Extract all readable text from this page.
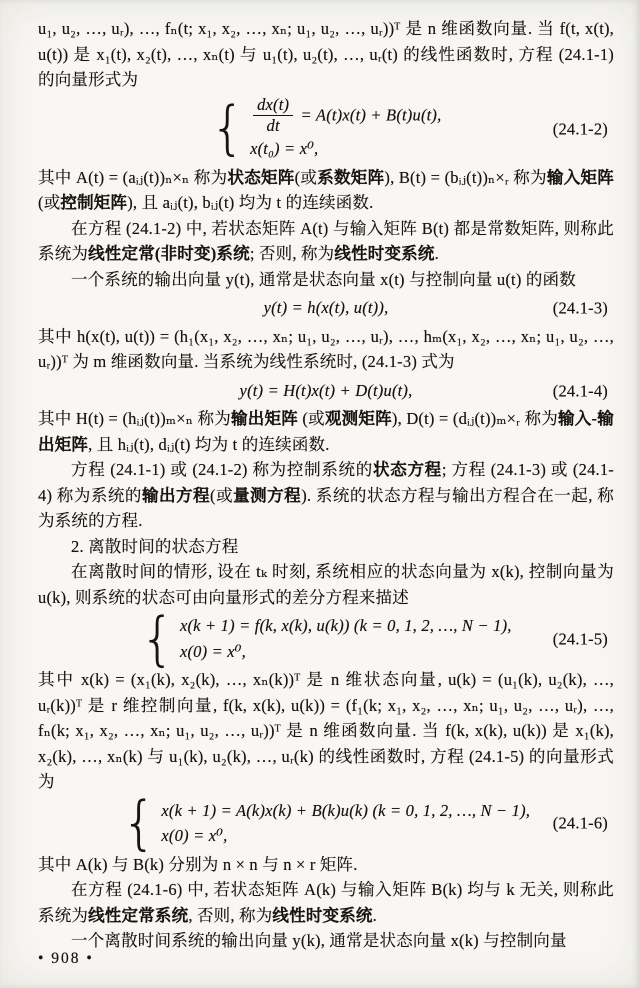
u₁, u₂, …, uᵣ), …, fₙ(t; x₁, x₂, …, xₙ; u₁, u₂, …, uᵣ))ᵀ 是 n 维函数向量. 当 f(t, x(t), u(t)) 是 x₁(t), x₂(t), …, xₙ(t) 与 u₁(t), u₂(t), …, uᵣ(t) 的线性函数时, 方程 (24.1-1) 的向量形式为

{ $\frac{dx(t)}{dt} = A(t)x(t) + B(t)u(t)$,
x(t₀) = x⁰,
(24.1-2)

其中 A(t) = (aᵢⱼ(t))ₙ×ₙ 称为状态矩阵(或系数矩阵), B(t) = (bᵢⱼ(t))ₙ×ᵣ 称为输入矩阵(或控制矩阵), 且 aᵢⱼ(t), bᵢⱼ(t) 均为 t 的连续函数.

在方程 (24.1-2) 中, 若状态矩阵 A(t) 与输入矩阵 B(t) 都是常数矩阵, 则称此系统为线性定常(非时变)系统; 否则, 称为线性时变系统.

一个系统的输出向量 y(t), 通常是状态向量 x(t) 与控制向量 u(t) 的函数

y(t) = h(x(t), u(t)),	(24.1-3)

其中 h(x(t), u(t)) = (h₁(x₁, x₂, …, xₙ; u₁, u₂, …, uᵣ), …, hₘ(x₁, x₂, …, xₙ; u₁, u₂, …, uᵣ))ᵀ 为 m 维函数向量. 当系统为线性系统时, (24.1-3) 式为

y(t) = H(t)x(t) + D(t)u(t),	(24.1-4)

其中 H(t) = (hᵢⱼ(t))ₘ×ₙ 称为输出矩阵 (或观测矩阵), D(t) = (dᵢⱼ(t))ₘ×ᵣ 称为输入-输出矩阵, 且 hᵢⱼ(t), dᵢⱼ(t) 均为 t 的连续函数.

方程 (24.1-1) 或 (24.1-2) 称为控制系统的状态方程; 方程 (24.1-3) 或 (24.1-4) 称为系统的输出方程(或量测方程). 系统的状态方程与输出方程合在一起, 称为系统的方程.

2. 离散时间的状态方程

在离散时间的情形, 设在 tₖ 时刻, 系统相应的状态向量为 x(k), 控制向量为 u(k), 则系统的状态可由向量形式的差分方程来描述

{ x(k + 1) = f(k, x(k), u(k)) (k = 0, 1, 2, …, N − 1),
x(0) = x⁰,
(24.1-5)

其中 x(k) = (x₁(k), x₂(k), …, xₙ(k))ᵀ 是 n 维状态向量, u(k) = (u₁(k), u₂(k), …, uᵣ(k))ᵀ 是 r 维控制向量, f(k, x(k), u(k)) = (f₁(k; x₁, x₂, …, xₙ; u₁, u₂, …, uᵣ), …, fₙ(k; x₁, x₂, …, xₙ; u₁, u₂, …, uᵣ))ᵀ 是 n 维函数向量. 当 f(k, x(k), u(k)) 是 x₁(k), x₂(k), …, xₙ(k) 与 u₁(k), u₂(k), …, uᵣ(k) 的线性函数时, 方程 (24.1-5) 的向量形式为

{ x(k + 1) = A(k)x(k) + B(k)u(k) (k = 0, 1, 2, …, N − 1),
x(0) = x⁰,
(24.1-6)

其中 A(k) 与 B(k) 分别为 n × n 与 n × r 矩阵.

在方程 (24.1-6) 中, 若状态矩阵 A(k) 与输入矩阵 B(k) 均与 k 无关, 则称此系统为线性定常系统, 否则, 称为线性时变系统.

一个离散时间系统的输出向量 y(k), 通常是状态向量 x(k) 与控制向量

• 908 •
